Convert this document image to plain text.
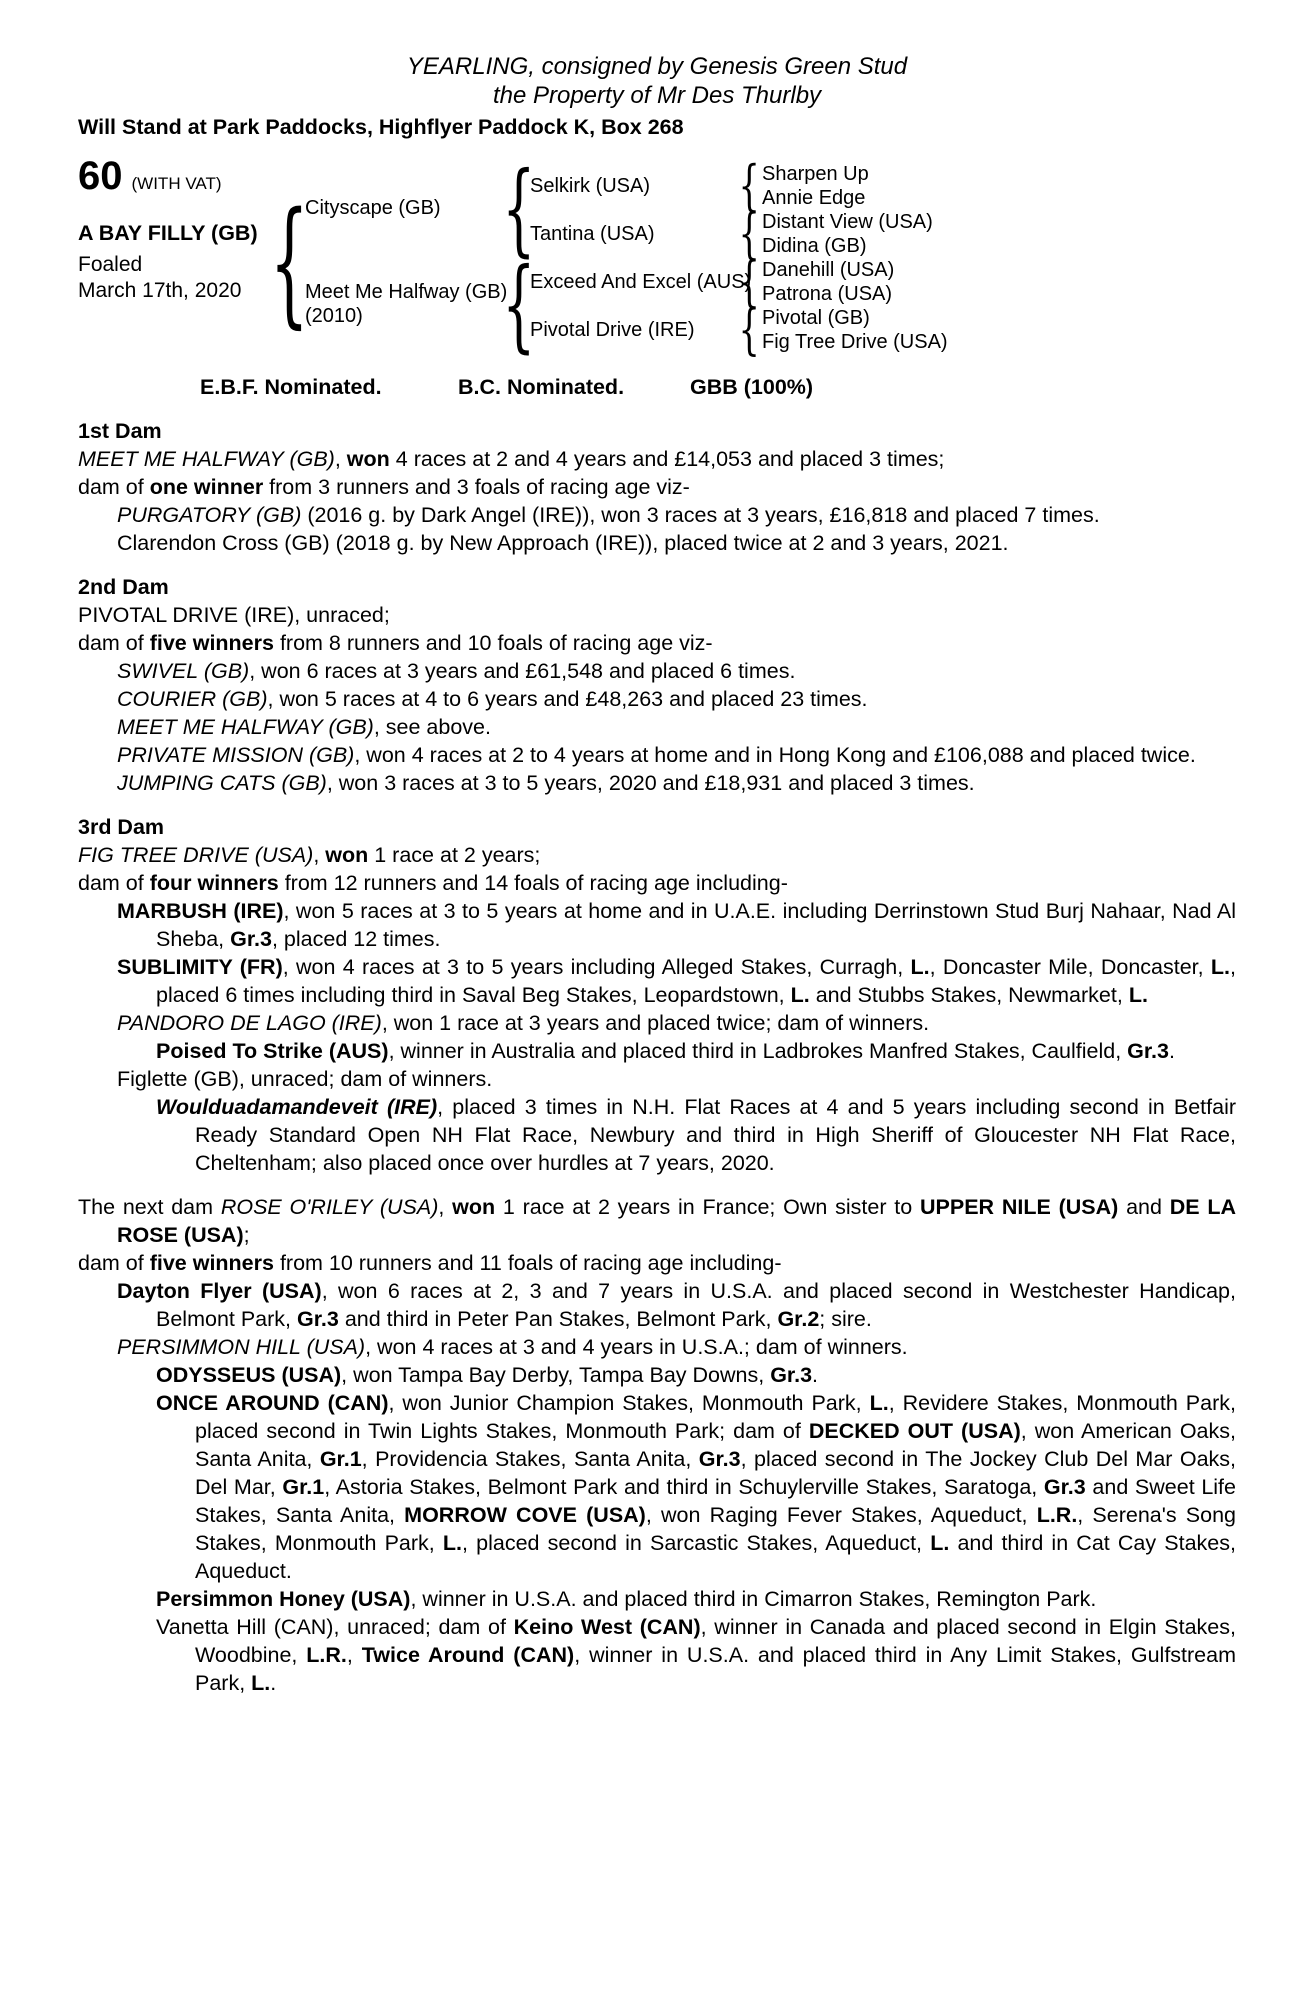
YEARLING, consigned by Genesis Green Stud
the Property of Mr Des Thurlby
Will Stand at Park Paddocks, Highflyer Paddock K, Box 268
60 (WITH VAT)
A BAY FILLY (GB)
Foaled
March 17th, 2020 {
Cityscape (GB)
Meet Me Halfway (GB)
(2010)
{
{
Selkirk (USA)
Tantina (USA)
Exceed And Excel (AUS)
Pivotal Drive (IRE)
{
{
{
{
Sharpen Up
Annie Edge
Distant View (USA)
Didina (GB)
Danehill (USA)
Patrona (USA)
Pivotal (GB)
Fig Tree Drive (USA)
E.B.F. Nominated.	B.C. Nominated.	GBB (100%)
1st Dam

MEET ME HALFWAY (GB), won 4 races at 2 and 4 years and £14,053 and placed 3 times;

dam of one winner from 3 runners and 3 foals of racing age viz-

PURGATORY (GB) (2016 g. by Dark Angel (IRE)), won 3 races at 3 years, £16,818 and placed 7 times.

Clarendon Cross (GB) (2018 g. by New Approach (IRE)), placed twice at 2 and 3 years, 2021.

2nd Dam

PIVOTAL DRIVE (IRE), unraced;

dam of five winners from 8 runners and 10 foals of racing age viz-

SWIVEL (GB), won 6 races at 3 years and £61,548 and placed 6 times.

COURIER (GB), won 5 races at 4 to 6 years and £48,263 and placed 23 times.

MEET ME HALFWAY (GB), see above.

PRIVATE MISSION (GB), won 4 races at 2 to 4 years at home and in Hong Kong and £106,088 and placed twice.

JUMPING CATS (GB), won 3 races at 3 to 5 years, 2020 and £18,931 and placed 3 times.

3rd Dam

FIG TREE DRIVE (USA), won 1 race at 2 years;

dam of four winners from 12 runners and 14 foals of racing age including-

MARBUSH (IRE), won 5 races at 3 to 5 years at home and in U.A.E. including Derrinstown Stud Burj Nahaar, Nad Al Sheba, Gr.3, placed 12 times.

SUBLIMITY (FR), won 4 races at 3 to 5 years including Alleged Stakes, Curragh, L., Doncaster Mile, Doncaster, L., placed 6 times including third in Saval Beg Stakes, Leopardstown, L. and Stubbs Stakes, Newmarket, L.

PANDORO DE LAGO (IRE), won 1 race at 3 years and placed twice; dam of winners.

Poised To Strike (AUS), winner in Australia and placed third in Ladbrokes Manfred Stakes, Caulfield, Gr.3.

Figlette (GB), unraced; dam of winners.

Woulduadamandeveit (IRE), placed 3 times in N.H. Flat Races at 4 and 5 years including second in Betfair Ready Standard Open NH Flat Race, Newbury and third in High Sheriff of Gloucester NH Flat Race, Cheltenham; also placed once over hurdles at 7 years, 2020.

The next dam ROSE O'RILEY (USA), won 1 race at 2 years in France; Own sister to UPPER NILE (USA) and DE LA ROSE (USA);

dam of five winners from 10 runners and 11 foals of racing age including-

Dayton Flyer (USA), won 6 races at 2, 3 and 7 years in U.S.A. and placed second in Westchester Handicap, Belmont Park, Gr.3 and third in Peter Pan Stakes, Belmont Park, Gr.2; sire.

PERSIMMON HILL (USA), won 4 races at 3 and 4 years in U.S.A.; dam of winners.

ODYSSEUS (USA), won Tampa Bay Derby, Tampa Bay Downs, Gr.3.

ONCE AROUND (CAN), won Junior Champion Stakes, Monmouth Park, L., Revidere Stakes, Monmouth Park, placed second in Twin Lights Stakes, Monmouth Park; dam of DECKED OUT (USA), won American Oaks, Santa Anita, Gr.1, Providencia Stakes, Santa Anita, Gr.3, placed second in The Jockey Club Del Mar Oaks, Del Mar, Gr.1, Astoria Stakes, Belmont Park and third in Schuylerville Stakes, Saratoga, Gr.3 and Sweet Life Stakes, Santa Anita, MORROW COVE (USA), won Raging Fever Stakes, Aqueduct, L.R., Serena's Song Stakes, Monmouth Park, L., placed second in Sarcastic Stakes, Aqueduct, L. and third in Cat Cay Stakes, Aqueduct.

Persimmon Honey (USA), winner in U.S.A. and placed third in Cimarron Stakes, Remington Park.

Vanetta Hill (CAN), unraced; dam of Keino West (CAN), winner in Canada and placed second in Elgin Stakes, Woodbine, L.R., Twice Around (CAN), winner in U.S.A. and placed third in Any Limit Stakes, Gulfstream Park, L..
